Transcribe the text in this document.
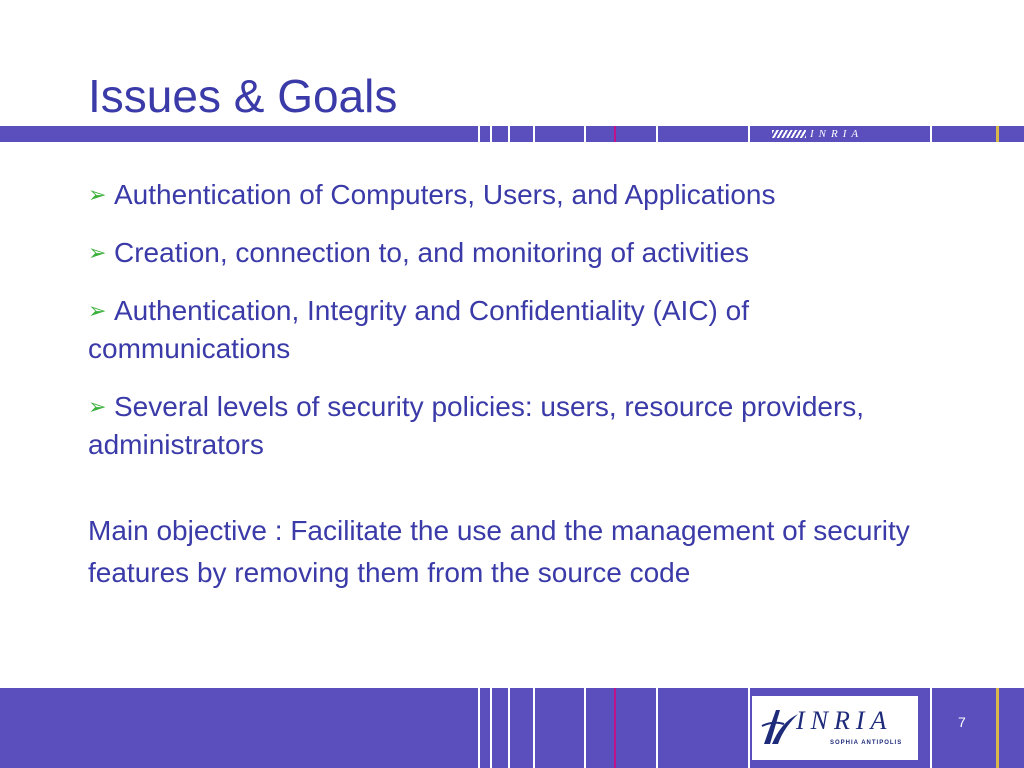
Issues & Goals
INRIA

➢ Authentication of Computers, Users, and Applications

➢ Creation, connection to, and monitoring of activities

➢ Authentication, Integrity and Confidentiality (AIC) of communications

➢ Several levels of security policies: users, resource providers, administrators

Main objective : Facilitate the use and the management of security features by removing them from the source code

INRIA
SOPHIA ANTIPOLIS
7
